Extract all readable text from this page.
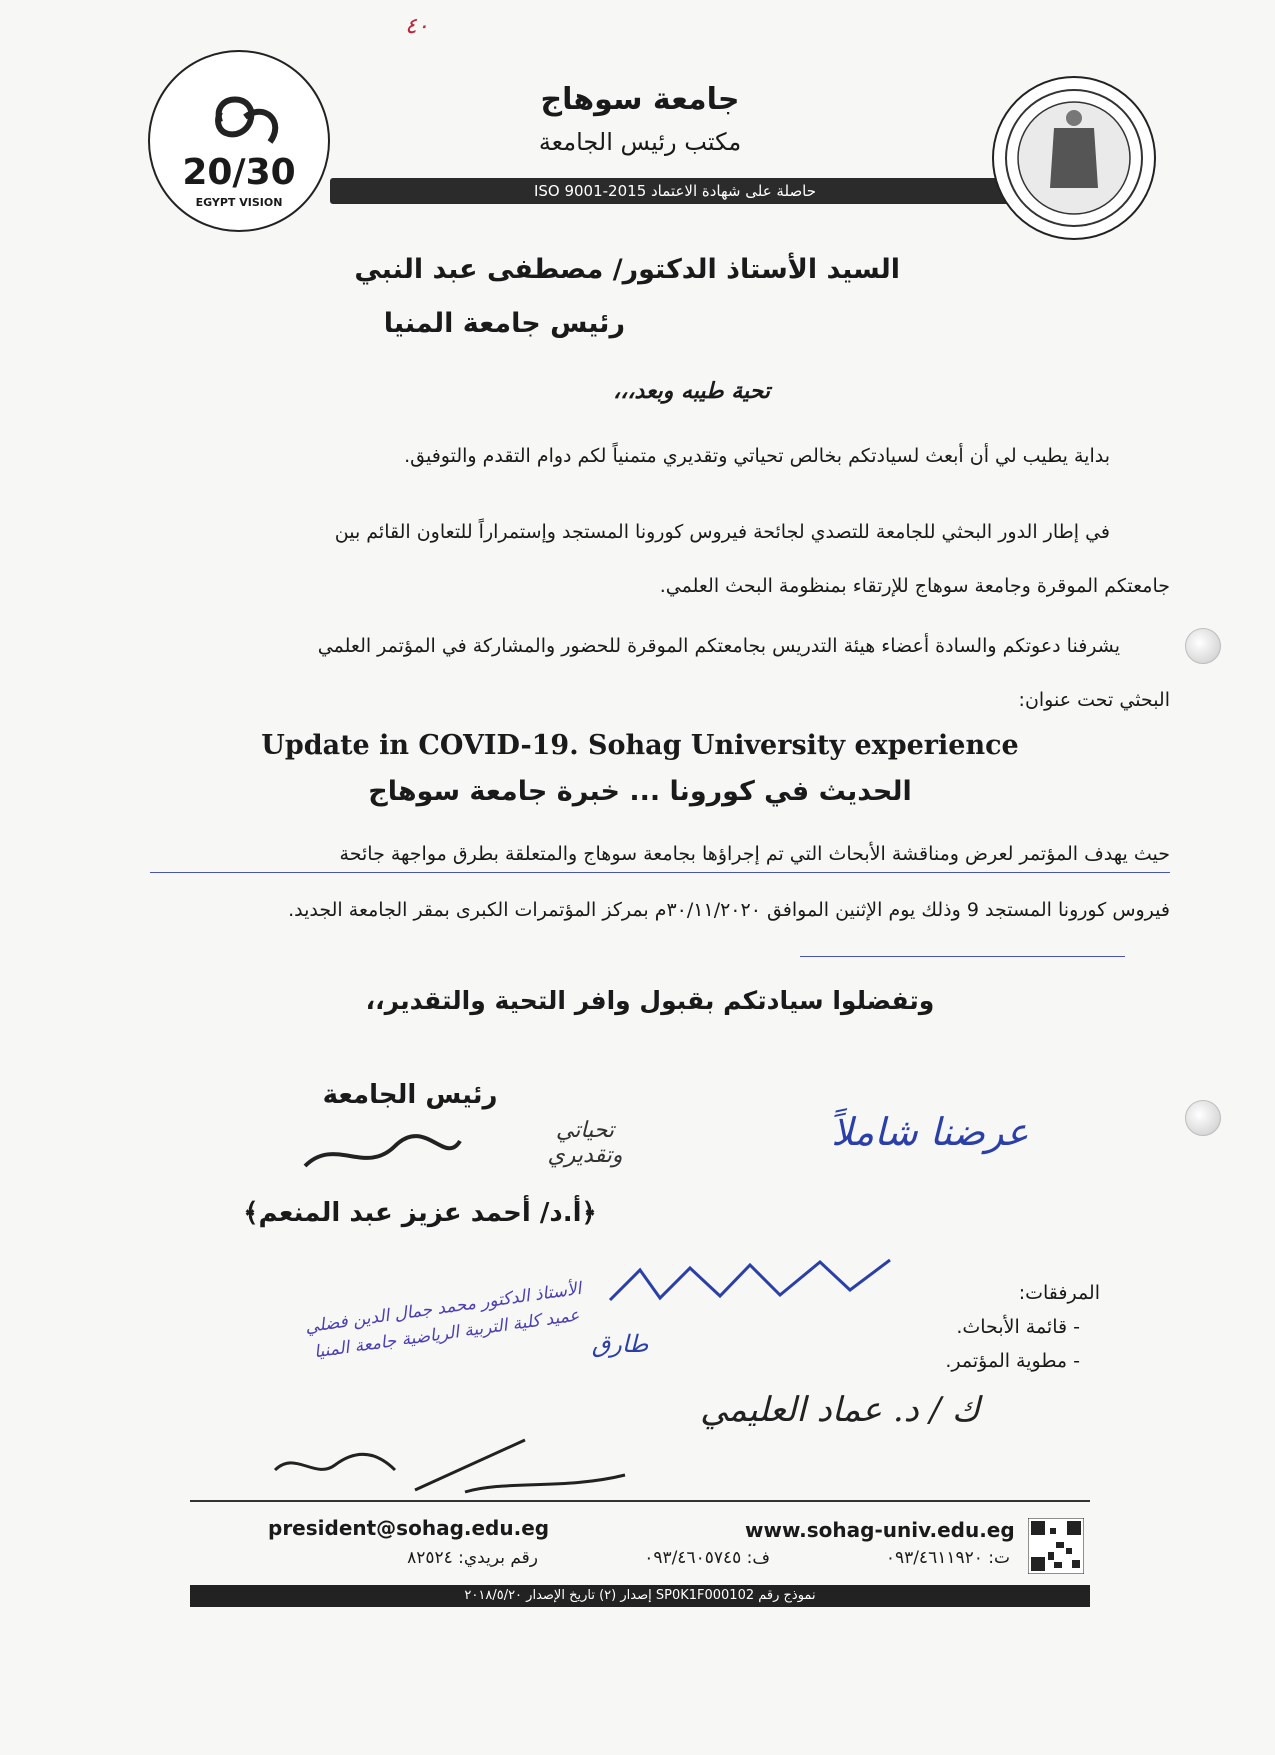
٤٠
20/30
EGYPT VISION
جامعة سوهاج
مكتب رئيس الجامعة
حاصلة على شهادة الاعتماد ISO 9001-2015
السيد الأستاذ الدكتور/ مصطفى عبد النبي
رئيس جامعة المنيا
تحية طيبه وبعد،،،
بداية يطيب لي أن أبعث لسيادتكم بخالص تحياتي وتقديري متمنياً لكم دوام التقدم والتوفيق.
في إطار الدور البحثي للجامعة للتصدي لجائحة فيروس كورونا المستجد وإستمراراً للتعاون القائم بين
جامعتكم الموقرة وجامعة سوهاج للإرتقاء بمنظومة البحث العلمي.
يشرفنا دعوتكم والسادة أعضاء هيئة التدريس بجامعتكم الموقرة للحضور والمشاركة في المؤتمر العلمي
البحثي تحت عنوان:
Update in COVID-19. Sohag University experience
الحديث في كورونا ... خبرة جامعة سوهاج
حيث يهدف المؤتمر لعرض ومناقشة الأبحاث التي تم إجراؤها بجامعة سوهاج والمتعلقة بطرق مواجهة جائحة
فيروس كورونا المستجد 9 وذلك يوم الإثنين الموافق ٣٠/١١/٢٠٢٠م بمركز المؤتمرات الكبرى بمقر الجامعة الجديد.
وتفضلوا سيادتكم بقبول وافر التحية والتقدير،،
رئيس الجامعة
تحياتي وتقديري
﴿أ.د/ أحمد عزيز عبد المنعم﴾
عرضنا شاملاً
المرفقات:
- قائمة الأبحاث.
- مطوية المؤتمر.
طارق
الأستاذ الدكتور محمد جمال الدين فضلي عميد كلية التربية الرياضية جامعة المنيا
ك / د. عماد العليمي
president@sohag.edu.eg	www.sohag-univ.edu.eg
رقم بريدي: ٨٢٥٢٤	ف: ٠٩٣/٤٦٠٥٧٤٥	ت: ٠٩٣/٤٦١١٩٢٠
نموذج رقم SP0K1F000102 إصدار (٢) تاريخ الإصدار ٢٠١٨/٥/٢٠
